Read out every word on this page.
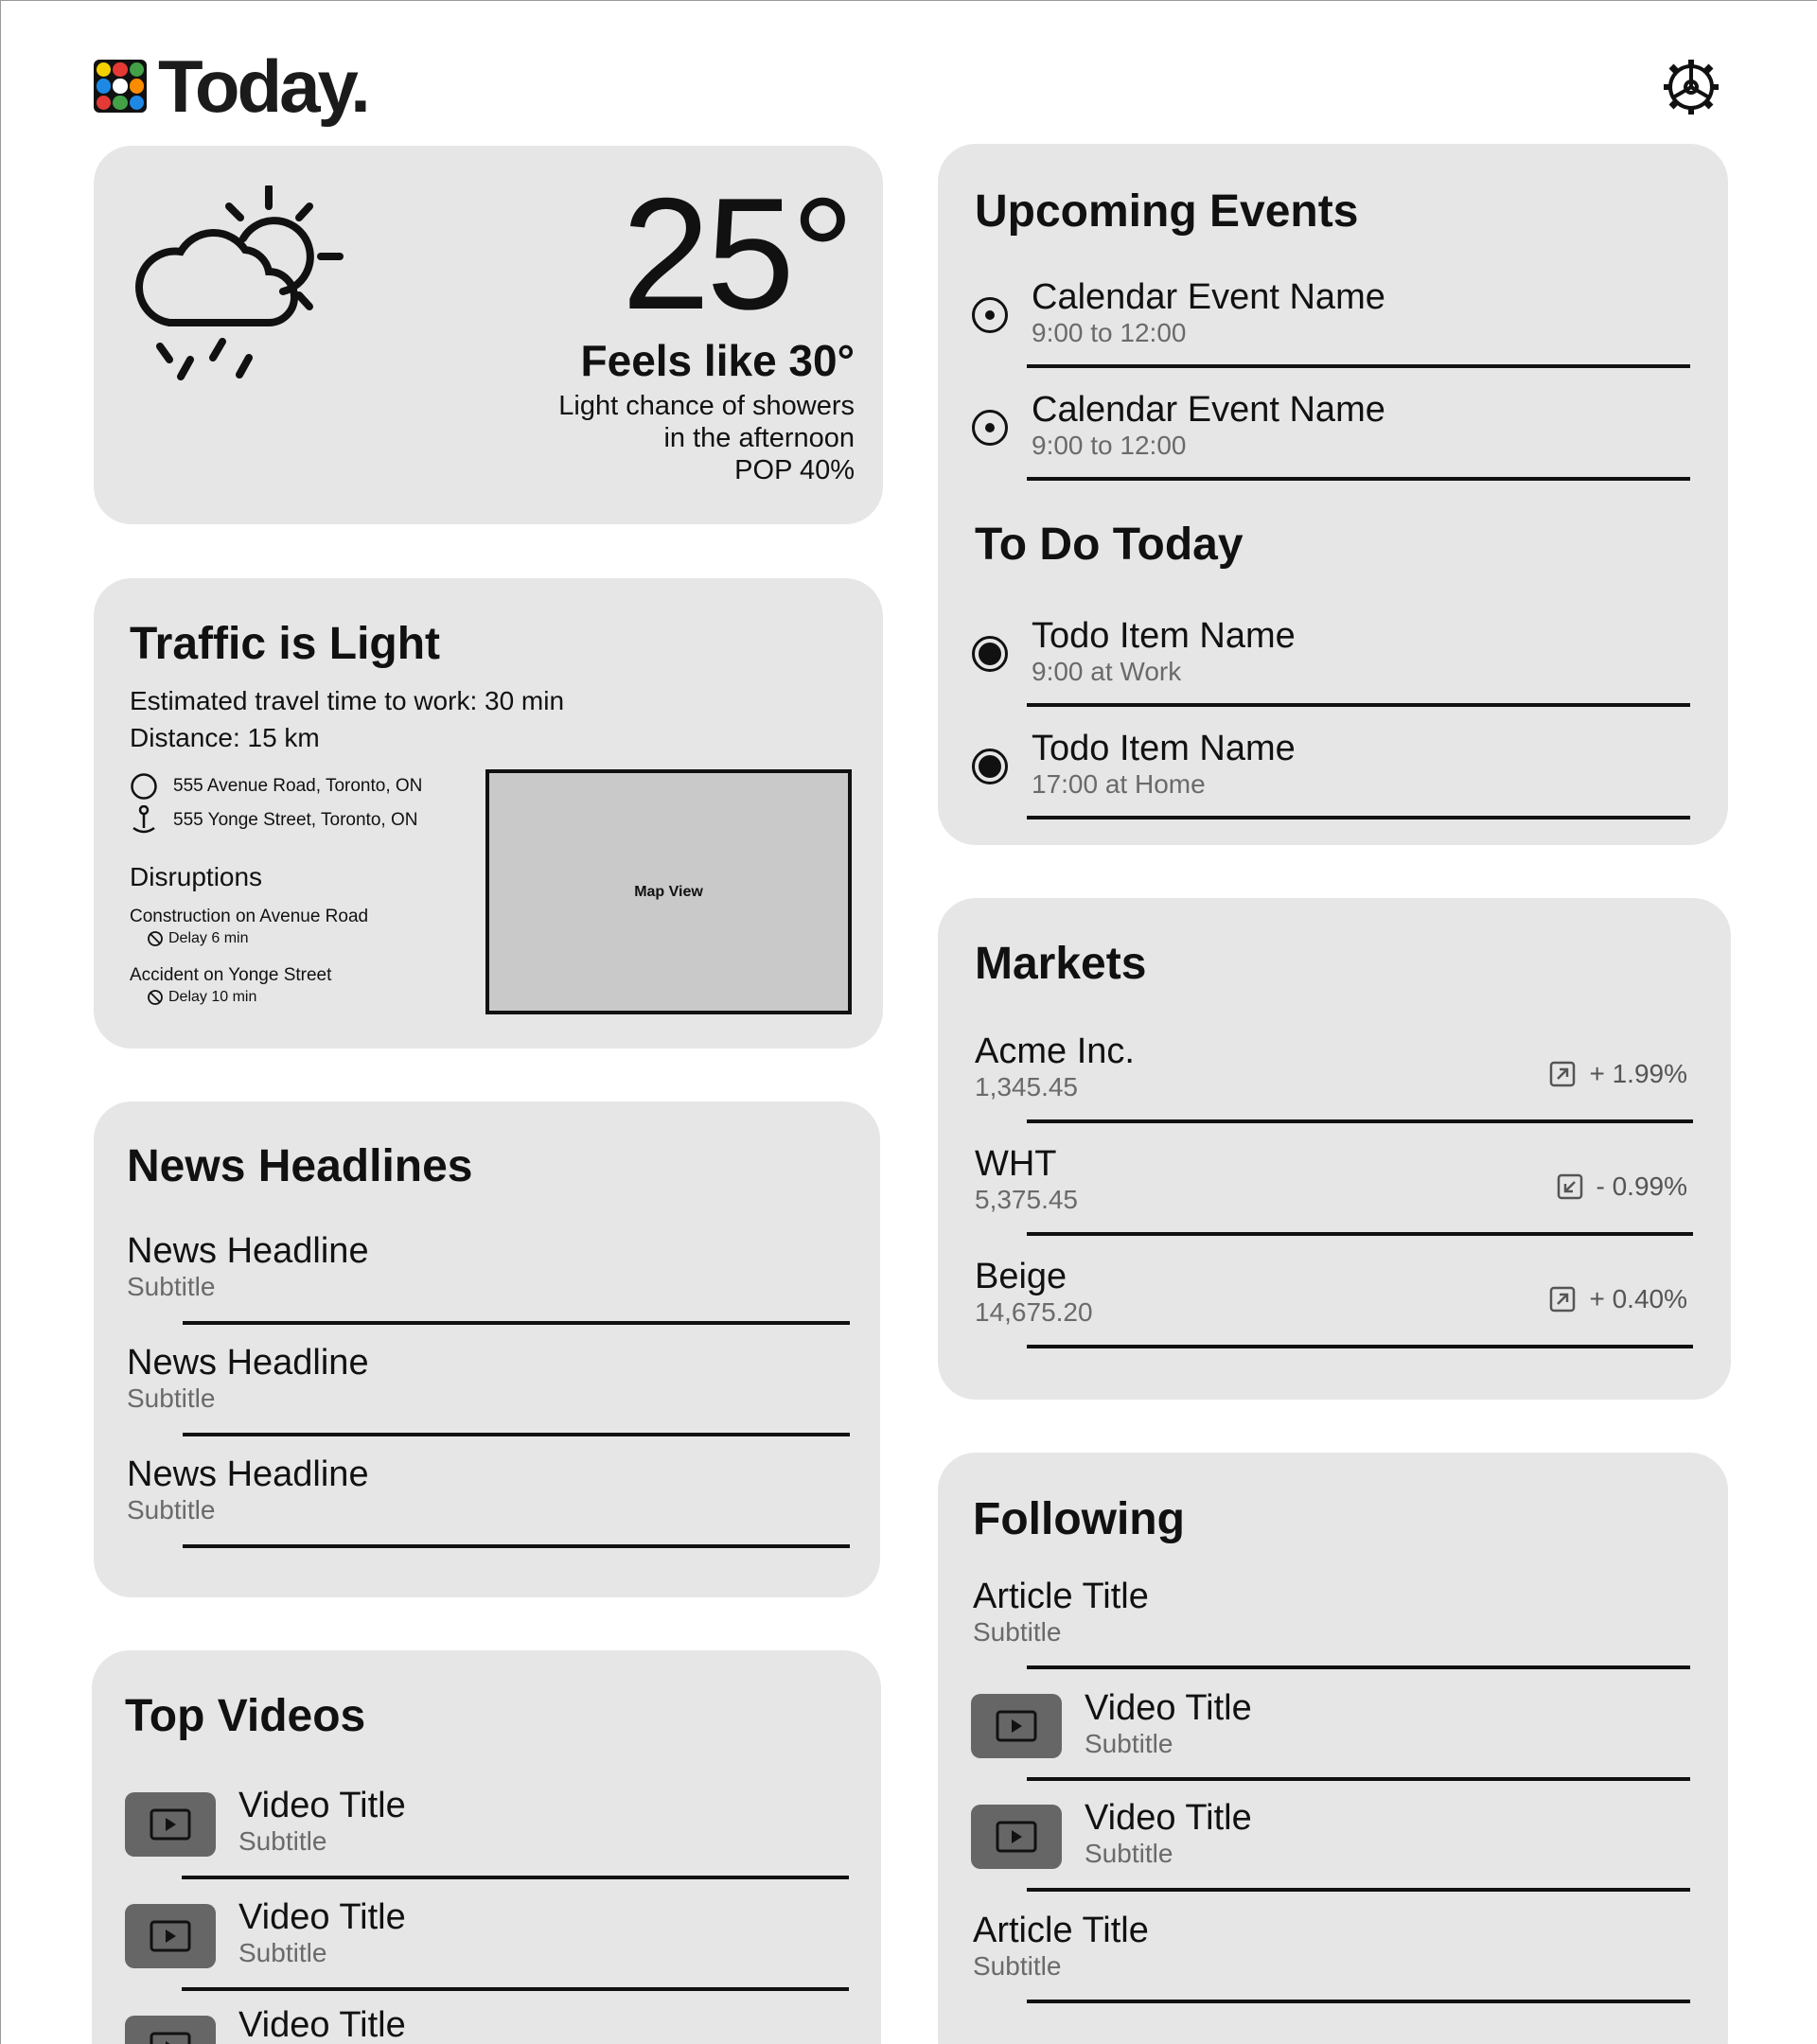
Today.
25°
Feels like 30°
Light chance of showers
in the afternoon
POP 40%
Traffic is Light
Estimated travel time to work: 30 min
Distance: 15 km
555 Avenue Road, Toronto, ON
555 Yonge Street, Toronto, ON
Disruptions
Construction on Avenue Road
Delay 6 min
Accident on Yonge Street
Delay 10 min
Map View
News Headlines
News Headline
Subtitle
News Headline
Subtitle
News Headline
Subtitle
Top Videos
Video Title
Subtitle
Video Title
Subtitle
Video Title
Upcoming Events
Calendar Event Name
9:00 to 12:00
Calendar Event Name
9:00 to 12:00
To Do Today
Todo Item Name
9:00 at Work
Todo Item Name
17:00 at Home
Markets
Acme Inc.
1,345.45	+ 1.99%
WHT
5,375.45	- 0.99%
Beige
14,675.20	+ 0.40%
Following
Article Title
Subtitle
Video Title
Subtitle
Video Title
Subtitle
Article Title
Subtitle
